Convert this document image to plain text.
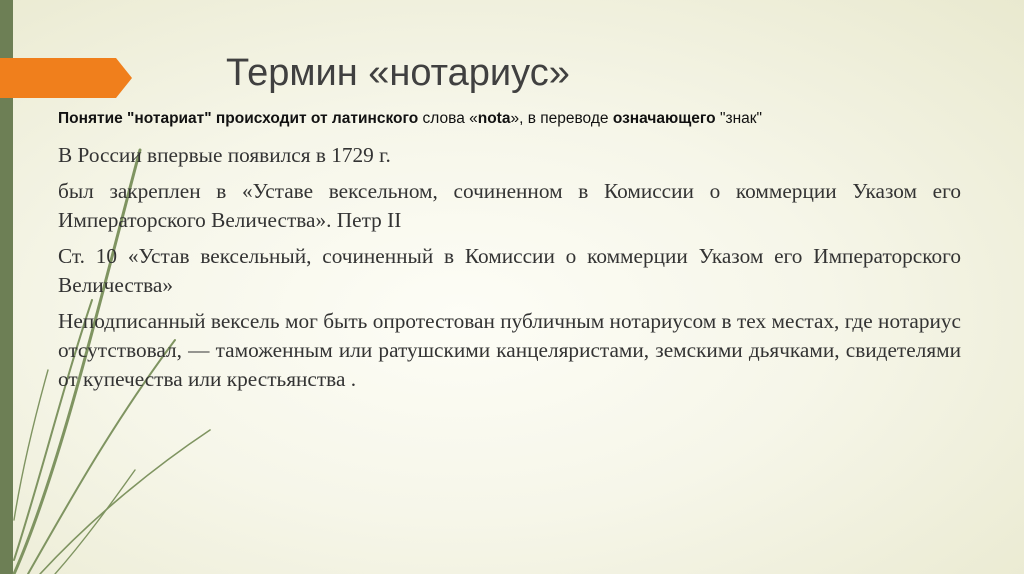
Термин «нотариус»
Понятие "нотариат" происходит от латинского слова «nota», в переводе означающего "знак"

В России впервые появился в 1729 г.

был закреплен в «Уставе вексельном, сочиненном в Комиссии о коммерции Указом его Императорского Величества». Петр II

Ст. 10 «Устав вексельный, сочиненный в Комиссии о коммерции Указом его Императорского Величества»

Неподписанный вексель мог быть опротестован публичным нотариусом в тех местах, где нотариус отсутствовал, — таможенным или ратушскими канцеляристами, земскими дьячками, свидетелями от купечества или крестьянства .
